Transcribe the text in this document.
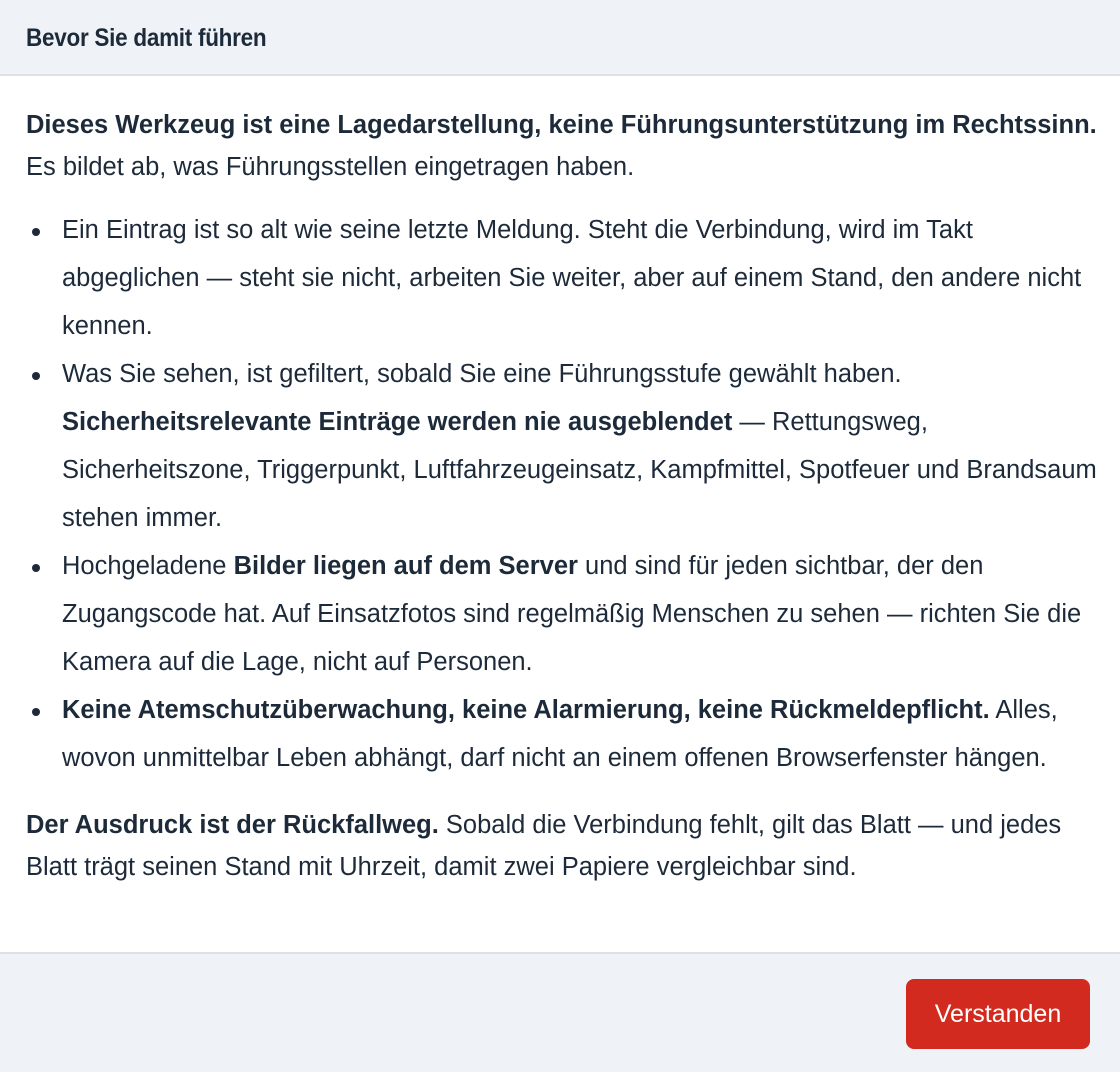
Bevor Sie damit führen

Dieses Werkzeug ist eine Lagedarstellung, keine Führungsunterstützung im Rechtssinn. Es bildet ab, was Führungsstellen eingetragen haben.

Ein Eintrag ist so alt wie seine letzte Meldung. Steht die Verbindung, wird im Takt abgeglichen — steht sie nicht, arbeiten Sie weiter, aber auf einem Stand, den andere nicht kennen.
Was Sie sehen, ist gefiltert, sobald Sie eine Führungsstufe gewählt haben. Sicherheitsrelevante Einträge werden nie ausgeblendet — Rettungsweg, Sicherheitszone, Triggerpunkt, Luftfahrzeugeinsatz, Kampfmittel, Spotfeuer und Brandsaum stehen immer.
Hochgeladene Bilder liegen auf dem Server und sind für jeden sichtbar, der den Zugangscode hat. Auf Einsatzfotos sind regelmäßig Menschen zu sehen — richten Sie die Kamera auf die Lage, nicht auf Personen.
Keine Atemschutzüberwachung, keine Alarmierung, keine Rückmeldepflicht. Alles, wovon unmittelbar Leben abhängt, darf nicht an einem offenen Browserfenster hängen.

Der Ausdruck ist der Rückfallweg. Sobald die Verbindung fehlt, gilt das Blatt — und jedes Blatt trägt seinen Stand mit Uhrzeit, damit zwei Papiere vergleichbar sind.

Verstanden
